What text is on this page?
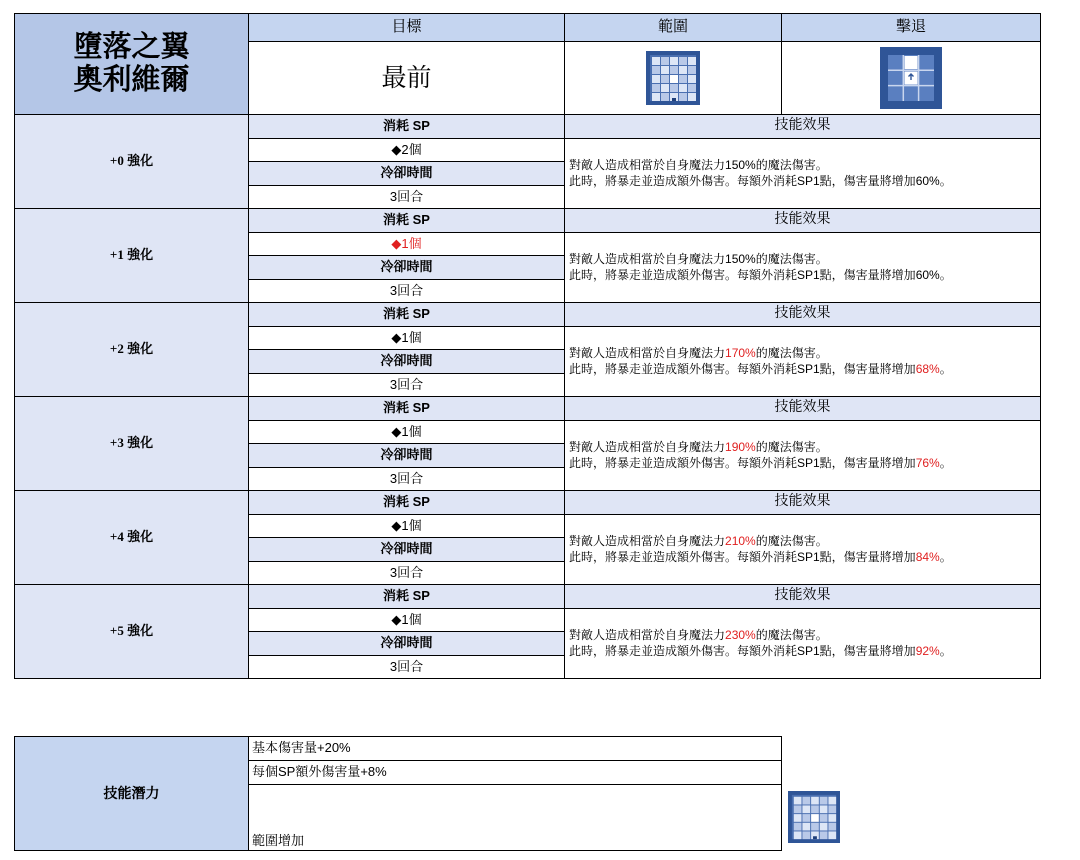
墮落之翼
奧利維爾	目標	範圍	擊退
	最前	

+0 強化	消耗 SP	技能效果	
	◆2個	對敵人造成相當於自身魔法力150%的魔法傷害。
此時，將暴走並造成額外傷害。每額外消耗SP1點，傷害量將增加60%。	

	冷卻時間		
	3回合		
+1 強化	消耗 SP	技能效果	
	◆1個	對敵人造成相當於自身魔法力150%的魔法傷害。
此時，將暴走並造成額外傷害。每額外消耗SP1點，傷害量將增加60%。	

	冷卻時間		
	3回合		
+2 強化	消耗 SP	技能效果	
	◆1個	對敵人造成相當於自身魔法力170%的魔法傷害。
此時，將暴走並造成額外傷害。每額外消耗SP1點，傷害量將增加68%。	

	冷卻時間		
	3回合		
+3 強化	消耗 SP	技能效果	
	◆1個	對敵人造成相當於自身魔法力190%的魔法傷害。
此時，將暴走並造成額外傷害。每額外消耗SP1點，傷害量將增加76%。	

	冷卻時間		
	3回合		
+4 強化	消耗 SP	技能效果	
	◆1個	對敵人造成相當於自身魔法力210%的魔法傷害。
此時，將暴走並造成額外傷害。每額外消耗SP1點，傷害量將增加84%。	

	冷卻時間		
	3回合		
+5 強化	消耗 SP	技能效果	
	◆1個	對敵人造成相當於自身魔法力230%的魔法傷害。
此時，將暴走並造成額外傷害。每額外消耗SP1點，傷害量將增加92%。	

	冷卻時間		
	3回合		
技能潛力	基本傷害量+20%
每個SP額外傷害量+8%
範圍增加
